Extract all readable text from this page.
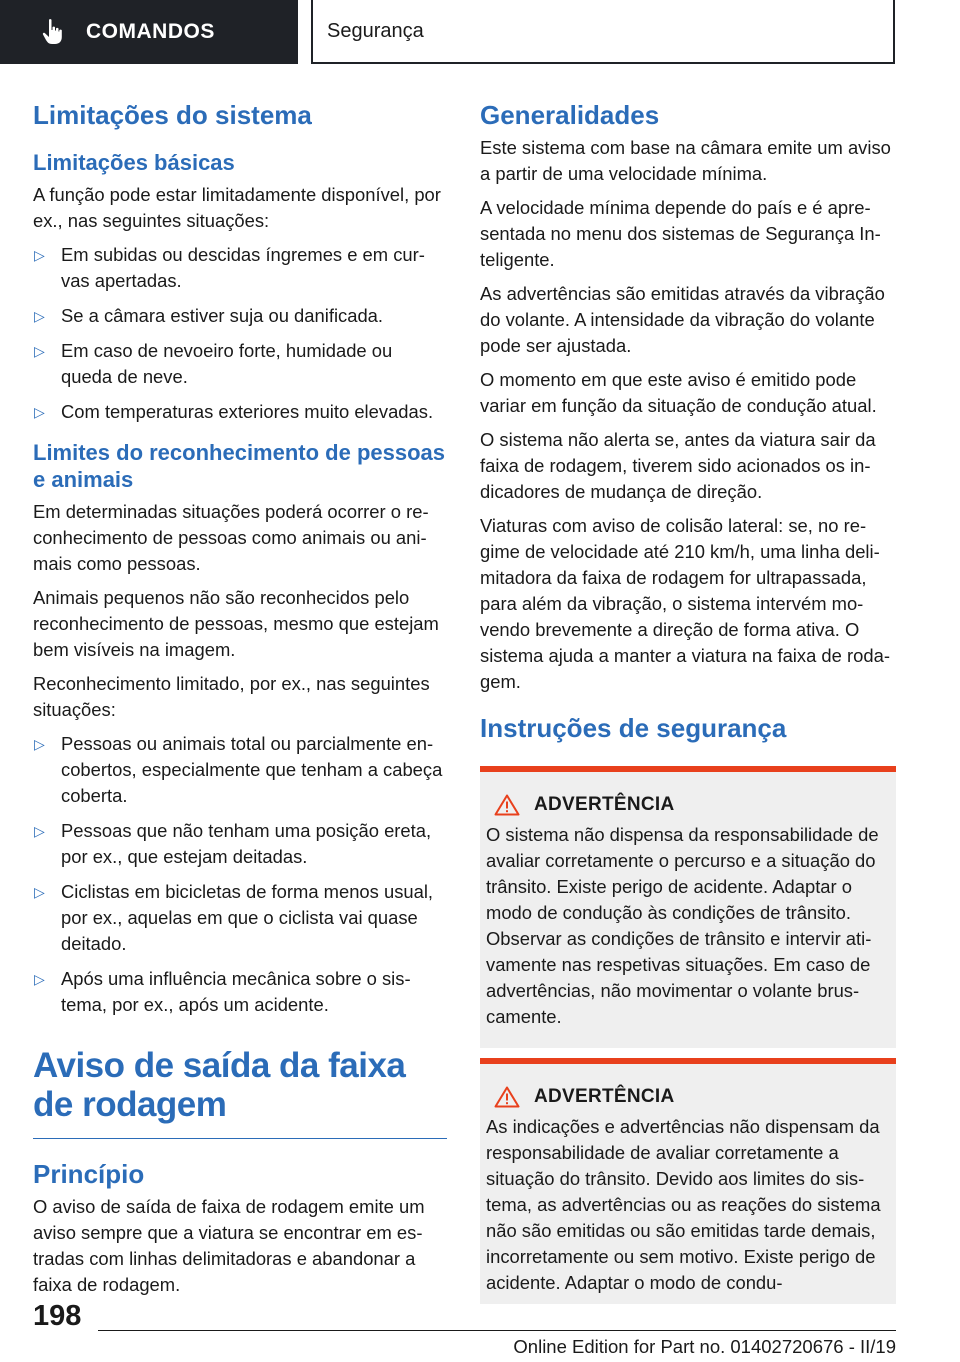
COMANDOS	Segurança
Limitações do sistema
Limitações básicas

A função pode estar limitadamente disponível, por ex., nas seguintes situações:

▷ Em subidas ou descidas íngremes e em curvas apertadas.
▷ Se a câmara estiver suja ou danificada.
▷ Em caso de nevoeiro forte, humidade ou queda de neve.
▷ Com temperaturas exteriores muito elevadas.
Limites do reconhecimento de pessoas e animais

Em determinadas situações poderá ocorrer o reconhecimento de pessoas como animais ou animais como pessoas.

Animais pequenos não são reconhecidos pelo reconhecimento de pessoas, mesmo que estejam bem visíveis na imagem.

Reconhecimento limitado, por ex., nas seguintes situações:

▷ Pessoas ou animais total ou parcialmente encobertos, especialmente que tenham a cabeça coberta.
▷ Pessoas que não tenham uma posição ereta, por ex., que estejam deitadas.
▷ Ciclistas em bicicletas de forma menos usual, por ex., aquelas em que o ciclista vai quase deitado.
▷ Após uma influência mecânica sobre o sistema, por ex., após um acidente.
Aviso de saída da faixa de rodagem
Princípio

O aviso de saída de faixa de rodagem emite um aviso sempre que a viatura se encontrar em estradas com linhas delimitadoras e abandonar a faixa de rodagem.

Generalidades

Este sistema com base na câmara emite um aviso a partir de uma velocidade mínima.

A velocidade mínima depende do país e é apresentada no menu dos sistemas de Segurança Inteligente.

As advertências são emitidas através da vibração do volante. A intensidade da vibração do volante pode ser ajustada.

O momento em que este aviso é emitido pode variar em função da situação de condução atual.

O sistema não alerta se, antes da viatura sair da faixa de rodagem, tiverem sido acionados os indicadores de mudança de direção.

Viaturas com aviso de colisão lateral: se, no regime de velocidade até 210 km/h, uma linha delimitadora da faixa de rodagem for ultrapassada, para além da vibração, o sistema intervém movendo brevemente a direção de forma ativa. O sistema ajuda a manter a viatura na faixa de rodagem.

Instruções de segurança
ADVERTÊNCIA

O sistema não dispensa da responsabilidade de avaliar corretamente o percurso e a situação do trânsito. Existe perigo de acidente. Adaptar o modo de condução às condições de trânsito. Observar as condições de trânsito e intervir ativamente nas respetivas situações. Em caso de advertências, não movimentar o volante bruscamente.

ADVERTÊNCIA

As indicações e advertências não dispensam da responsabilidade de avaliar corretamente a situação do trânsito. Devido aos limites do sistema, as advertências ou as reações do sistema não são emitidas ou são emitidas tarde demais, incorretamente ou sem motivo. Existe perigo de acidente. Adaptar o modo de condu-

198
Online Edition for Part no. 01402720676 - II/19
